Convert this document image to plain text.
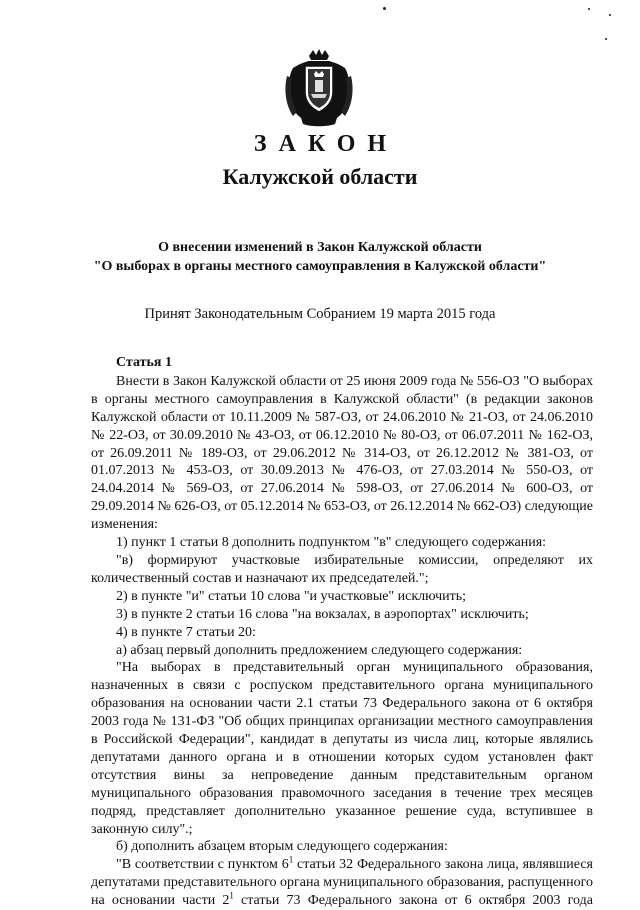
ЗАКОН
Калужской области
О внесении изменений в Закон Калужской области
"О выборах в органы местного самоуправления в Калужской области"
Принят Законодательным Собранием 19 марта 2015 года
Статья 1
Внести в Закон Калужской области от 25 июня 2009 года № 556-ОЗ "О выборах в органы местного самоуправления в Калужской области" (в редакции законов Калужской области от 10.11.2009 № 587-ОЗ, от 24.06.2010 № 21-ОЗ, от 24.06.2010 № 22-ОЗ, от 30.09.2010 № 43-ОЗ, от 06.12.2010 № 80-ОЗ, от 06.07.2011 № 162-ОЗ, от 26.09.2011 № 189-ОЗ, от 29.06.2012 № 314-ОЗ, от 26.12.2012 № 381-ОЗ, от 01.07.2013 № 453-ОЗ, от 30.09.2013 № 476-ОЗ, от 27.03.2014 № 550-ОЗ, от 24.04.2014 № 569-ОЗ, от 27.06.2014 № 598-ОЗ, от 27.06.2014 № 600-ОЗ, от 29.09.2014 № 626-ОЗ, от 05.12.2014 № 653-ОЗ, от 26.12.2014 № 662-ОЗ) следующие изменения:
1) пункт 1 статьи 8 дополнить подпунктом "в" следующего содержания:
"в) формируют участковые избирательные комиссии, определяют их количественный состав и назначают их председателей.";
2) в пункте "и" статьи 10 слова "и участковые" исключить;
3) в пункте 2 статьи 16 слова "на вокзалах, в аэропортах" исключить;
4) в пункте 7 статьи 20:
а) абзац первый дополнить предложением следующего содержания:
"На выборах в представительный орган муниципального образования, назначенных в связи с роспуском представительного органа муниципального образования на основании части 2.1 статьи 73 Федерального закона от 6 октября 2003 года № 131-ФЗ "Об общих принципах организации местного самоуправления в Российской Федерации", кандидат в депутаты из числа лиц, которые являлись депутатами данного органа и в отношении которых судом установлен факт отсутствия вины за непроведение данным представительным органом муниципального образования правомочного заседания в течение трех месяцев подряд, представляет дополнительно указанное решение суда, вступившее в законную силу".;
б) дополнить абзацем вторым следующего содержания:
"В соответствии с пунктом $6^1$ статьи 32 Федерального закона лица, являвшиеся депутатами представительного органа муниципального образования, распущенного на основании части $2^1$ статьи 73 Федерального закона от 6 октября 2003 года
